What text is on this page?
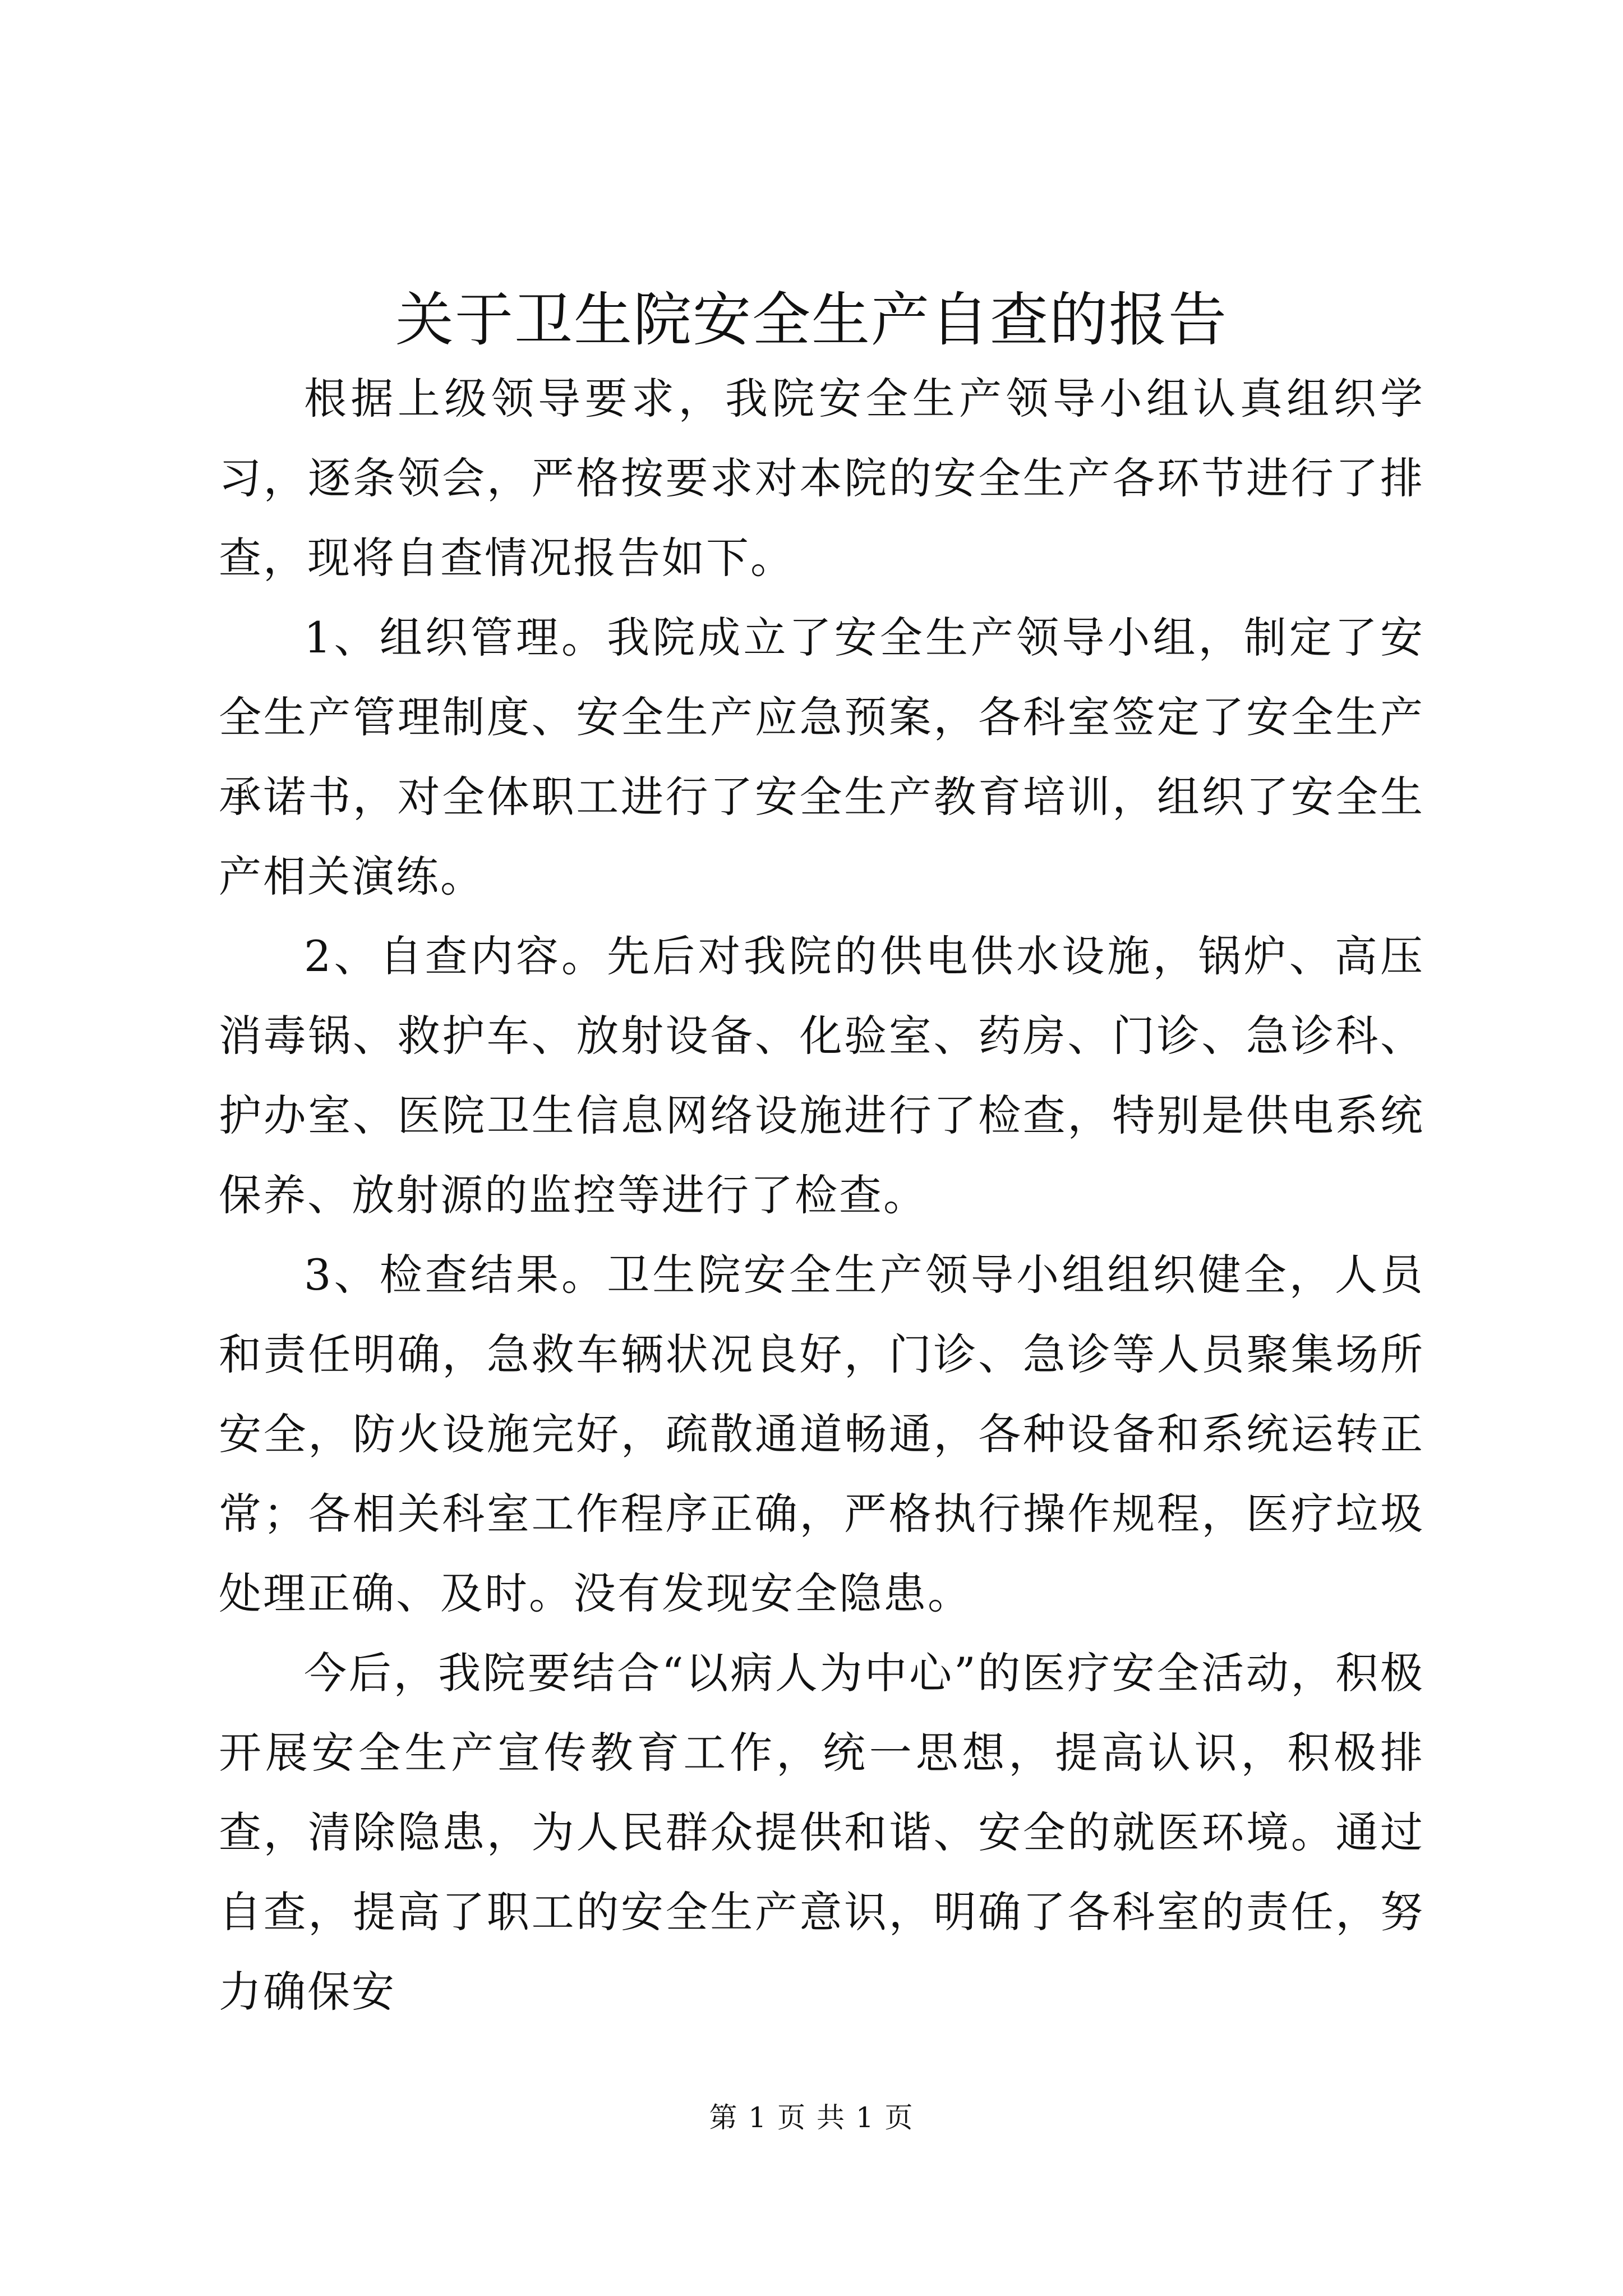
关于卫生院安全生产自查的报告

根据上级领导要求，我院安全生产领导小组认真组织学习，逐条领会，严格按要求对本院的安全生产各环节进行了排查，现将自查情况报告如下。

1、组织管理。我院成立了安全生产领导小组，制定了安全生产管理制度、安全生产应急预案，各科室签定了安全生产承诺书，对全体职工进行了安全生产教育培训，组织了安全生产相关演练。

2、自查内容。先后对我院的供电供水设施，锅炉、高压消毒锅、救护车、放射设备、化验室、药房、门诊、急诊科、护办室、医院卫生信息网络设施进行了检查，特别是供电系统保养、放射源的监控等进行了检查。

3、检查结果。卫生院安全生产领导小组组织健全，人员和责任明确，急救车辆状况良好，门诊、急诊等人员聚集场所安全，防火设施完好，疏散通道畅通，各种设备和系统运转正常；各相关科室工作程序正确，严格执行操作规程，医疗垃圾处理正确、及时。没有发现安全隐患。

今后，我院要结合“以病人为中心”的医疗安全活动，积极开展安全生产宣传教育工作，统一思想，提高认识，积极排查，清除隐患，为人民群众提供和谐、安全的就医环境。通过自查，提高了职工的安全生产意识，明确了各科室的责任，努力确保安

第 1 页 共 1 页
